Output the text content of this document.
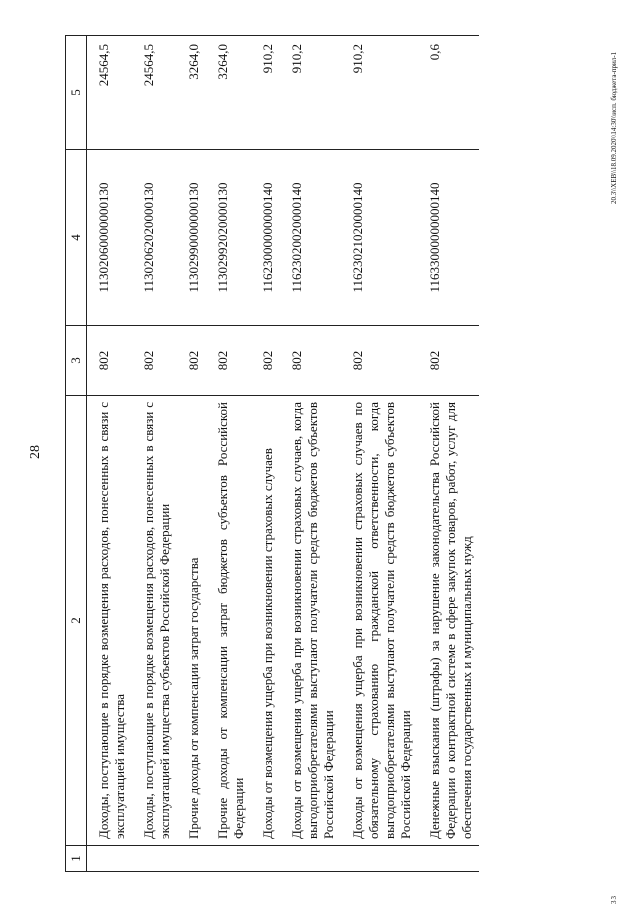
28
1	2	3	4	5
	Доходы, поступающие в порядке возмещения расходов, понесенных в связи с эксплуатацией имущества	802	11302060000000130	24564,5
	Доходы, поступающие в порядке возмещения расходов, понесенных в связи с эксплуатацией имущества субъектов Российской Федерации	802	11302062020000130	24564,5
	Прочие доходы от компенсации затрат государства	802	11302990000000130	3264,0
	Прочие доходы от компенсации затрат бюджетов субъектов Российской Федерации	802	11302992020000130	3264,0
	Доходы от возмещения ущерба при возникновении страховых случаев	802	11623000000000140	910,2
	Доходы от возмещения ущерба при возникновении страховых случаев, когда выгодоприобретателями выступают получатели средств бюджетов субъектов Российской Федерации	802	11623020020000140	910,2
	Доходы от возмещения ущерба при возникновении страховых случаев по обязательному страхованию гражданской ответственности, когда выгодоприобретателями выступают получатели средств бюджетов субъектов Российской Федерации	802	11623021020000140	910,2
	Денежные взыскания (штрафы) за нарушение законодательства Российской Федерации о контрактной системе в сфере закупок товаров, работ, услуг для обеспечения государственных и муниципальных нужд	802	11633000000000140	0,6
33
20.3\\XEB\\18.09.2020\\14:30\\исп. бюджета-прил-1
